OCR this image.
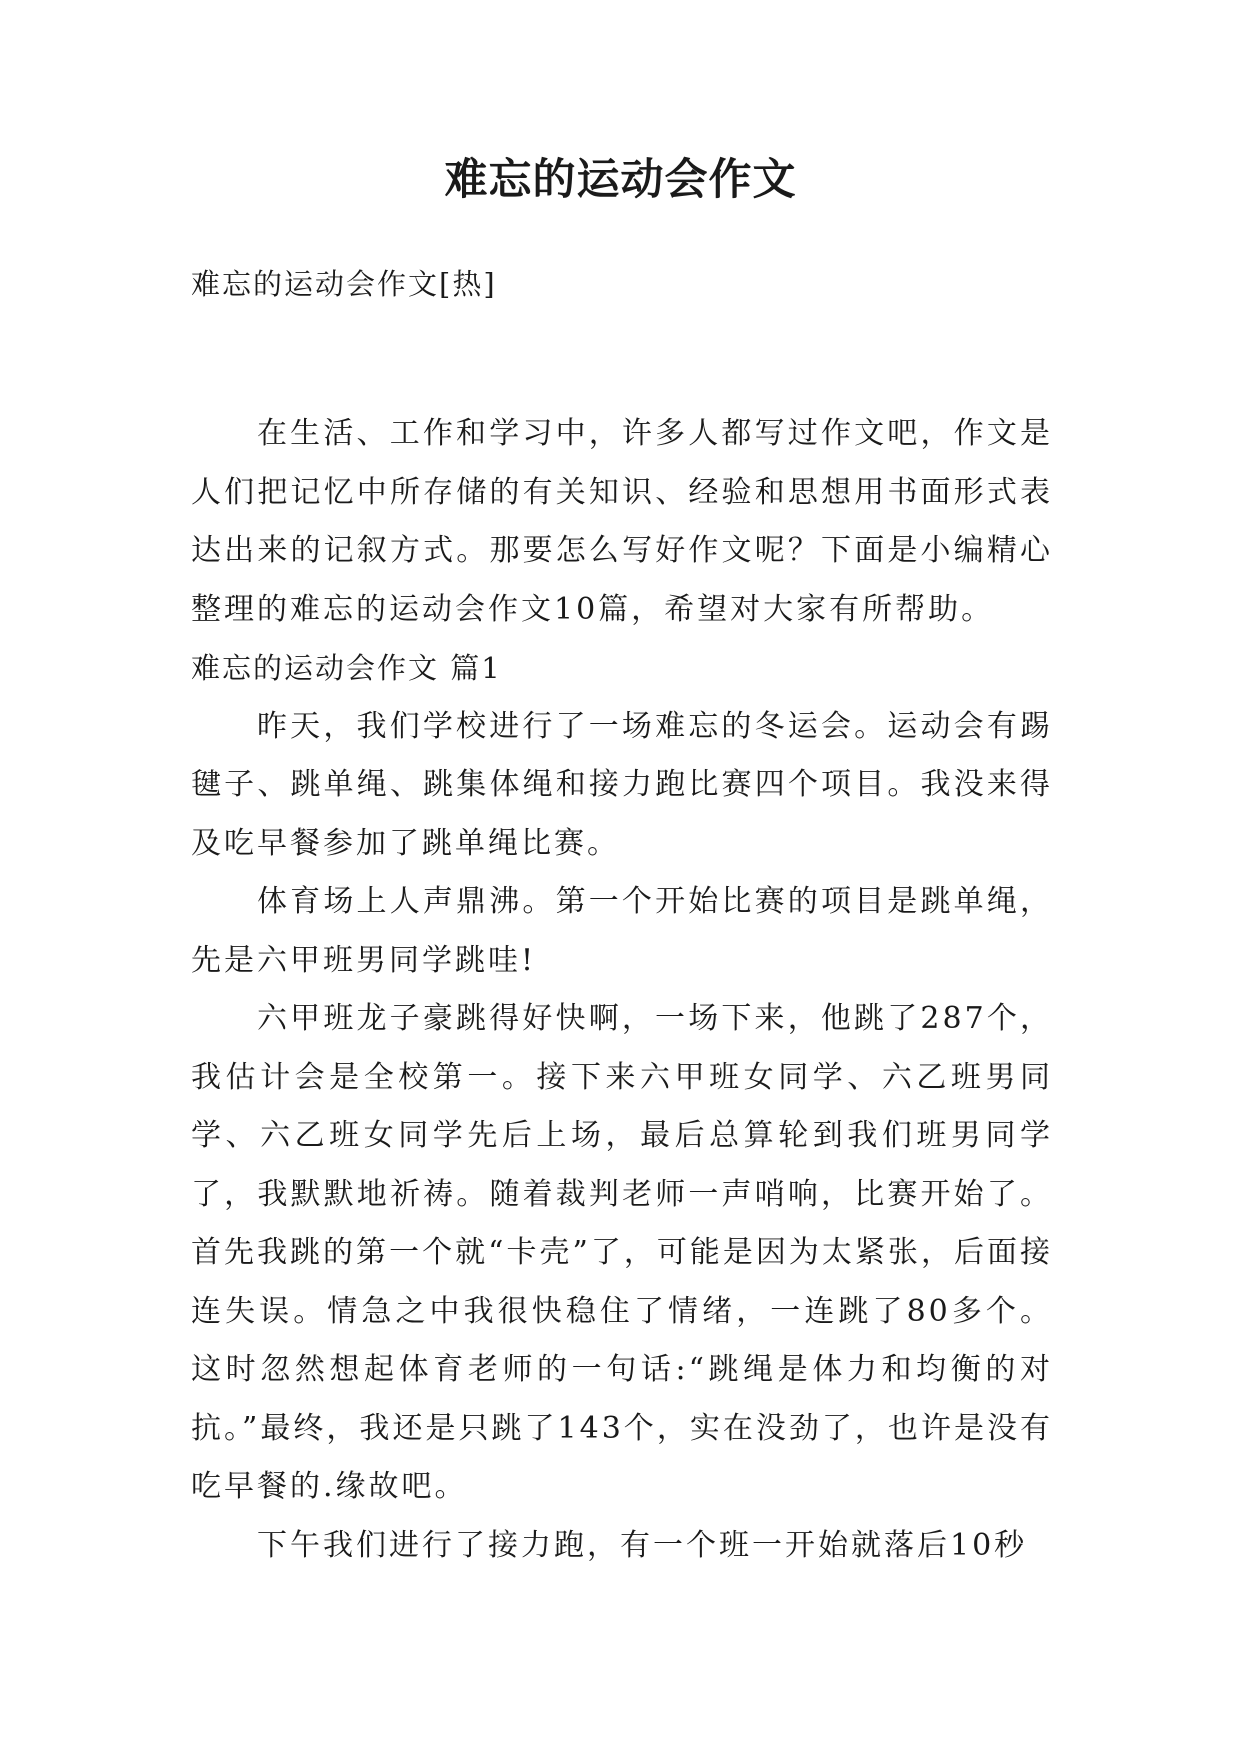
难忘的运动会作文

难忘的运动会作文[热]

在生活、工作和学习中，许多人都写过作文吧，作文是人们把记忆中所存储的有关知识、经验和思想用书面形式表达出来的记叙方式。那要怎么写好作文呢？下面是小编精心整理的难忘的运动会作文10篇，希望对大家有所帮助。

难忘的运动会作文 篇1

昨天，我们学校进行了一场难忘的冬运会。运动会有踢毽子、跳单绳、跳集体绳和接力跑比赛四个项目。我没来得及吃早餐参加了跳单绳比赛。

体育场上人声鼎沸。第一个开始比赛的项目是跳单绳，先是六甲班男同学跳哇!

六甲班龙子豪跳得好快啊，一场下来，他跳了287个，我估计会是全校第一。接下来六甲班女同学、六乙班男同学、六乙班女同学先后上场，最后总算轮到我们班男同学了，我默默地祈祷。随着裁判老师一声哨响，比赛开始了。首先我跳的第一个就“卡壳”了，可能是因为太紧张，后面接连失误。情急之中我很快稳住了情绪，一连跳了80多个。这时忽然想起体育老师的一句话:“跳绳是体力和均衡的对抗。”最终，我还是只跳了143个，实在没劲了，也许是没有吃早餐的.缘故吧。

下午我们进行了接力跑，有一个班一开始就落后10秒
